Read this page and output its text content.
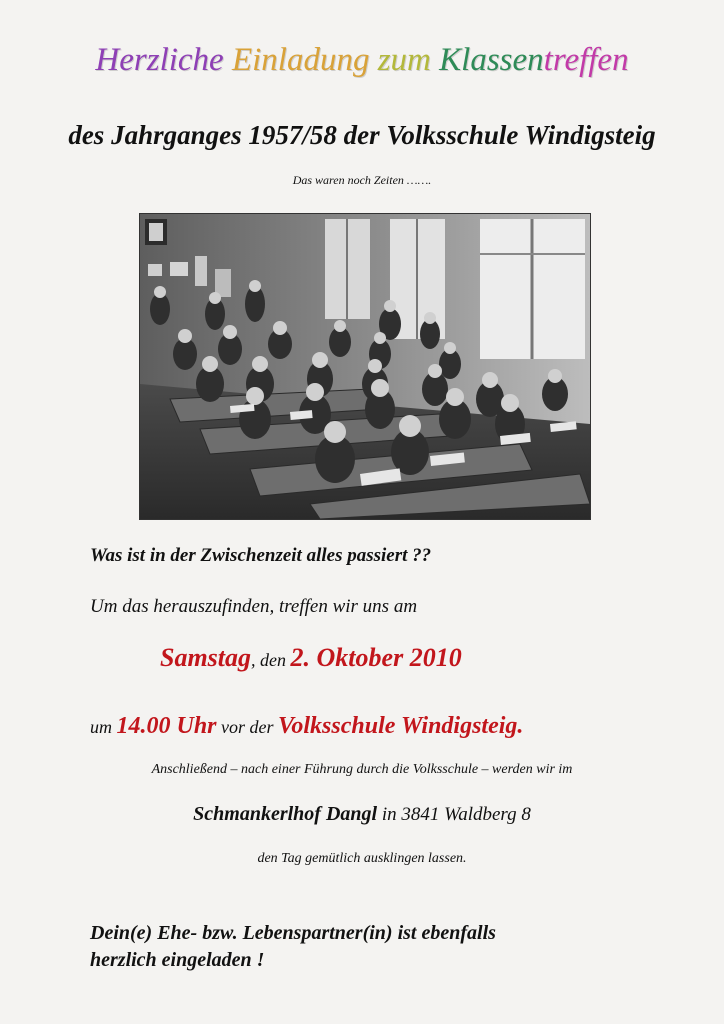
Herzliche Einladung zum Klassentreffen
des Jahrganges 1957/58 der Volksschule Windigsteig
Das waren noch Zeiten …….
Was ist in der Zwischenzeit alles passiert ??
Um das herauszufinden, treffen wir uns am
Samstag, den 2. Oktober 2010
um 14.00 Uhr vor der Volksschule Windigsteig.
Anschließend – nach einer Führung durch die Volksschule – werden wir im
Schmankerlhof Dangl in 3841 Waldberg 8
den Tag gemütlich ausklingen lassen.
Dein(e) Ehe- bzw. Lebenspartner(in) ist ebenfalls
herzlich eingeladen !
